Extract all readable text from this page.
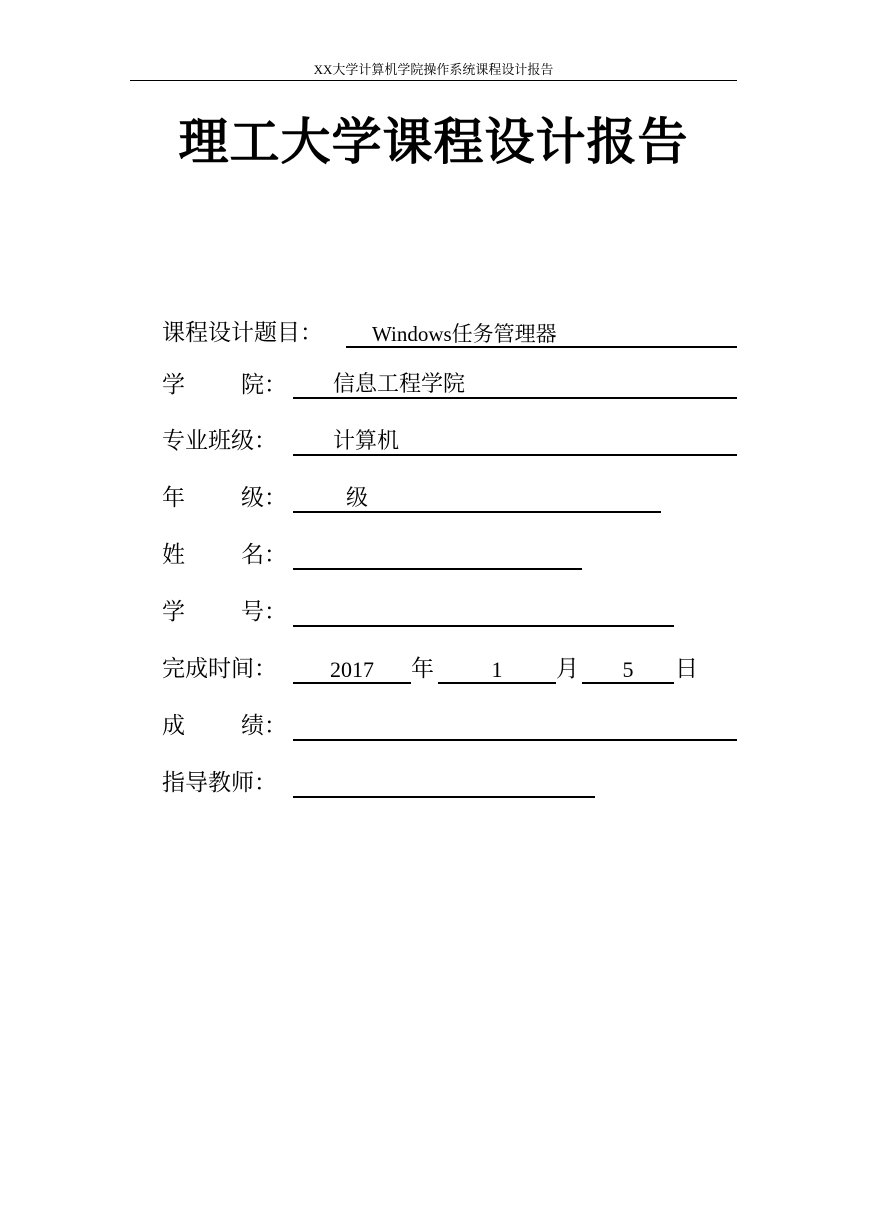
XX大学计算机学院操作系统课程设计报告
理工大学课程设计报告
课程设计题目：	Windows任务管理器
学 院：	信息工程学院
专业班级：	计算机
年 级：	级
姓 名：
学 号：
完成时间：	2017	年	1	月	5	日
成 绩：
指导教师：
